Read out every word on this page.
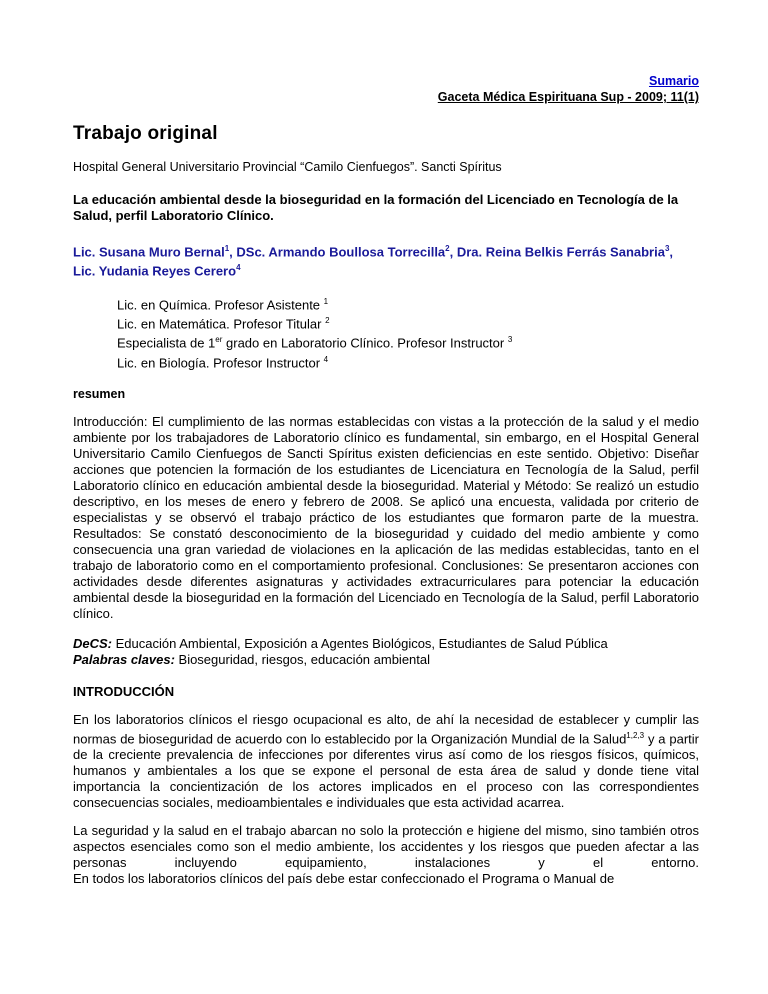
Sumario
Gaceta Médica Espirituana Sup - 2009; 11(1)
Trabajo original
Hospital General Universitario Provincial “Camilo Cienfuegos”. Sancti Spíritus
La educación ambiental desde la bioseguridad en la formación del Licenciado en Tecnología de la Salud, perfil Laboratorio Clínico.
Lic. Susana Muro Bernal$^1$, DSc. Armando Boullosa Torrecilla$^2$, Dra. Reina Belkis Ferrás Sanabria$^3$, Lic. Yudania Reyes Cerero$^4$
Lic. en Química. Profesor Asistente $^1$
Lic. en Matemática. Profesor Titular $^2$
Especialista de 1er grado en Laboratorio Clínico. Profesor Instructor $^3$
Lic. en Biología. Profesor Instructor $^4$
resumen

Introducción: El cumplimiento de las normas establecidas con vistas a la protección de la salud y el medio ambiente por los trabajadores de Laboratorio clínico es fundamental, sin embargo, en el Hospital General Universitario Camilo Cienfuegos de Sancti Spíritus existen deficiencias en este sentido. Objetivo: Diseñar acciones que potencien la formación de los estudiantes de Licenciatura en Tecnología de la Salud, perfil Laboratorio clínico en educación ambiental desde la bioseguridad. Material y Método: Se realizó un estudio descriptivo, en los meses de enero y febrero de 2008. Se aplicó una encuesta, validada por criterio de especialistas y se observó el trabajo práctico de los estudiantes que formaron parte de la muestra. Resultados: Se constató desconocimiento de la bioseguridad y cuidado del medio ambiente y como consecuencia una gran variedad de violaciones en la aplicación de las medidas establecidas, tanto en el trabajo de laboratorio como en el comportamiento profesional. Conclusiones: Se presentaron acciones con actividades desde diferentes asignaturas y actividades extracurriculares para potenciar la educación ambiental desde la bioseguridad en la formación del Licenciado en Tecnología de la Salud, perfil Laboratorio clínico.

DeCS: Educación Ambiental, Exposición a Agentes Biológicos, Estudiantes de Salud Pública
Palabras claves: Bioseguridad, riesgos, educación ambiental
INTRODUCCIÓN

En los laboratorios clínicos el riesgo ocupacional es alto, de ahí la necesidad de establecer y cumplir las normas de bioseguridad de acuerdo con lo establecido por la Organización Mundial de la Salud$^{1,2,3}$ y a partir de la creciente prevalencia de infecciones por diferentes virus así como de los riesgos físicos, químicos, humanos y ambientales a los que se expone el personal de esta área de salud y donde tiene vital importancia la concientización de los actores implicados en el proceso con las correspondientes consecuencias sociales, medioambientales e individuales que esta actividad acarrea.

La seguridad y la salud en el trabajo abarcan no solo la protección e higiene del mismo, sino también otros aspectos esenciales como son el medio ambiente, los accidentes y los riesgos que pueden afectar a las personas incluyendo equipamiento, instalaciones y el entorno.
En todos los laboratorios clínicos del país debe estar confeccionado el Programa o Manual de
